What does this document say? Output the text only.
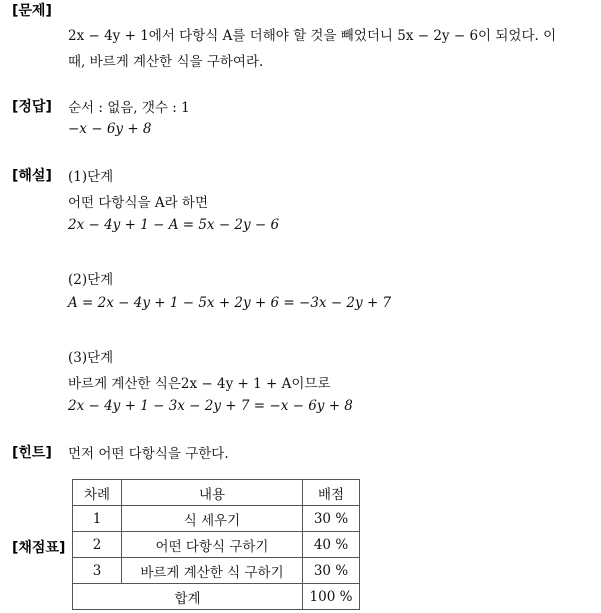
[문제]
2x − 4y + 1에서 다항식 A를 더해야 할 것을 빼었더니 5x − 2y − 6이 되었다. 이
때, 바르게 계산한 식을 구하여라.
[정답] 순서 : 없음, 갯수 : 1
−x − 6y + 8
[해설] (1)단계
어떤 다항식을 A라 하면
2x − 4y + 1 − A = 5x − 2y − 6
(2)단계
A = 2x − 4y + 1 − 5x + 2y + 6 = −3x − 2y + 7
(3)단계
바르게 계산한 식은2x − 4y + 1 + A이므로
2x − 4y + 1 − 3x − 2y + 7 = −x − 6y + 8
[힌트] 먼저 어떤 다항식을 구한다.
[채점표]
차례	내용	배점
1	식 세우기	30 %
2	어떤 다항식 구하기	40 %
3	바르게 계산한 식 구하기	30 %
합계		100 %
